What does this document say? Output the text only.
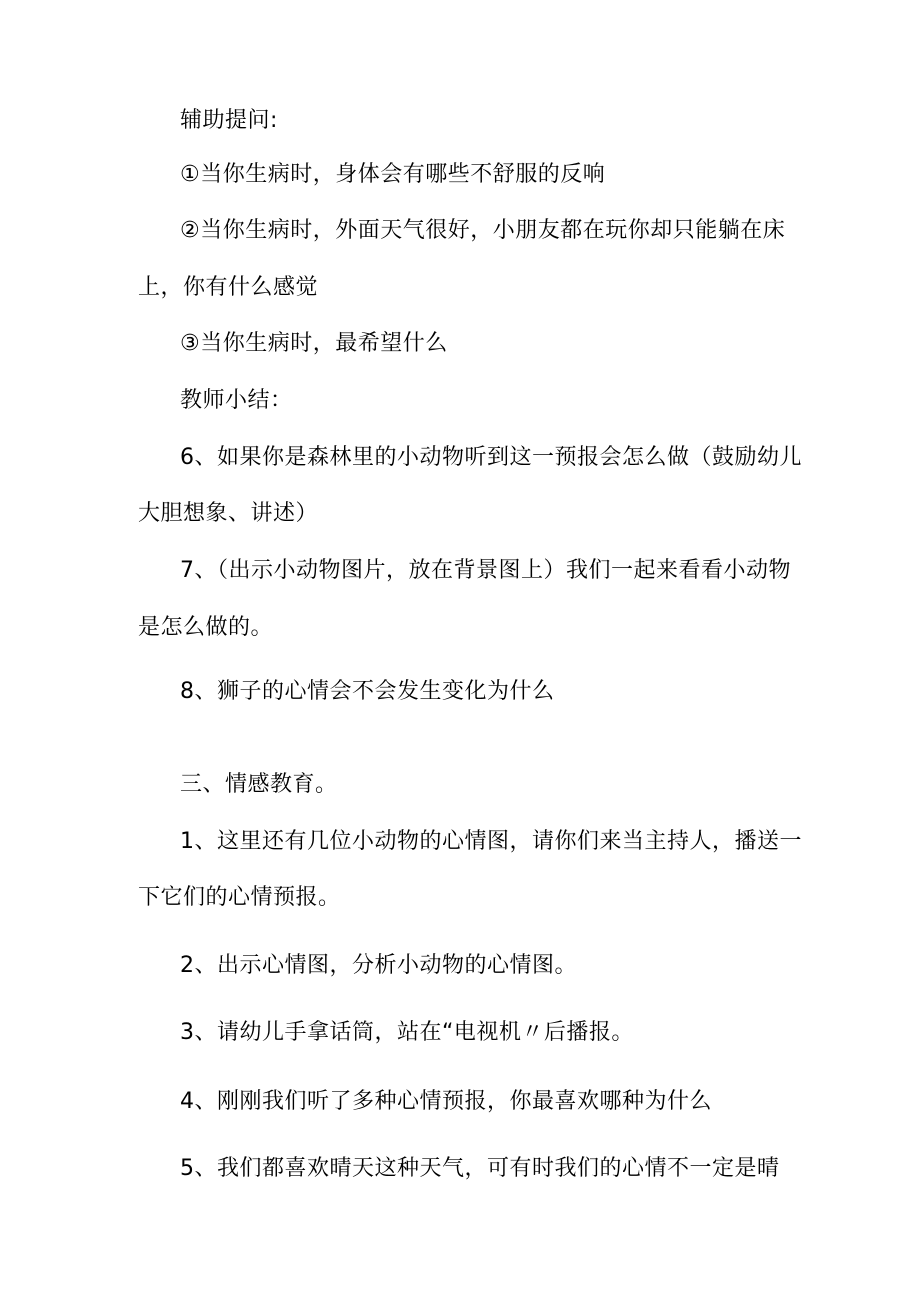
辅助提问:
①当你生病时，身体会有哪些不舒服的反响
②当你生病时，外面天气很好，小朋友都在玩你却只能躺在床
上，你有什么感觉
③当你生病时，最希望什么
教师小结：
6、如果你是森林里的小动物听到这一预报会怎么做（鼓励幼儿
大胆想象、讲述）
7、（出示小动物图片，放在背景图上）我们一起来看看小动物
是怎么做的。
8、狮子的心情会不会发生变化为什么
三、情感教育。
1、这里还有几位小动物的心情图，请你们来当主持人，播送一
下它们的心情预报。
2、出示心情图，分析小动物的心情图。
3、请幼儿手拿话筒，站在“电视机〃后播报。
4、刚刚我们听了多种心情预报，你最喜欢哪种为什么
5、我们都喜欢晴天这种天气，可有时我们的心情不一定是晴
